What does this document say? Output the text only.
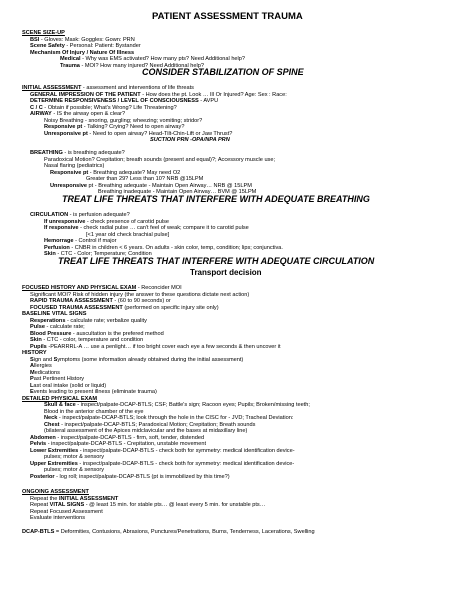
PATIENT ASSESSMENT TRAUMA
SCENE SIZE-UP
BSI - Gloves: Mask: Goggles: Gown: PRN
Scene Safety - Personal: Patient: Bystander
Mechanism Of Injury / Nature Of Illness
Medical - Why was EMS activated? How many pts? Need Additional help?
Trauma - MOI? How many injured? Need Additional help?
CONSIDER STABILIZATION OF SPINE
INITIAL ASSESSMENT - assessment and interventions of life threats
GENERAL IMPRESSION OF THE PATIENT - How does the pt. Look … Ill Or Injured? Age: Sex : Race:
DETERMINE RESPONSIVENESS / LEVEL OF CONSCIOUSNESS - AVPU
C / C - Obtain if possible; What's Wrong? Life Threatening?
AIRWAY - IS the airway open & clear?
Noisy Breathing - snoring, gurgling; wheezing; vomiting; stridor?
Responsive pt - Talking? Crying? Need to open airway?
Unresponsive pt - Need to open airway? Head-Tilt-Chin-Lift or Jaw Thrust?
SUCTION PRN -OPA/NPA PRN
BREATHING - is breathing adequate?
Paradoxical Motion? Crepitation; breath sounds (present and equal)?; Accessory muscle use;
Nasal flaring (pediatrics)
Responsive pt - Breathing adequate? May need O2
Greater than 29? Less than 10? NRB @15LPM
Unresponsive pt - Breathing adequate - Maintain Open Airway… NRB @ 15LPM
Breathing inadequate - Maintain Open Airway… BVM @ 15LPM
TREAT LIFE THREATS THAT INTERFERE WITH ADEQUATE BREATHING
CIRCULATION - is perfusion adequate?
If unresponsive - check presence of carotid pulse
If responsive - check radial pulse … can't feel of weak; compare it to carotid pulse
[<1 year old check brachial pulse]
Hemorrage - Control if major
Perfusion - CNBR in children < 6 years. On adults - skin color, temp, condition; lips; conjunctiva.
Skin - CTC - Color; Temperature; Condition
TREAT LIFE THREATS THAT INTERFERE WITH ADEQUATE CIRCULATION
Transport decision
FOCUSED HISTORY AND PHYSICAL EXAM - Reconcider MOI
Significant MOI? Risk of hidden injury (the answer to these questions dictate next action)
RAPID TRAUMA ASSESSMENT - (60 to 90 seconds) or
FOCUSED TRAUMA ASSESSMENT (performed on specific injury site only)
BASELINE VITAL SIGNS
Resperations - calculate rate; verbalize quality
Pulse - calculate rate;
Blood Pressure - auscultation is the prefered method
Skin - CTC - color, temperature and condition
Pupils -PEARRRL-A … use a penlight… if too bright cover each eye a few seconds & then uncover it
HISTORY
Sign and Symptoms (some information already obtained during the initial assessment)
Allergies
Medications
Past Pertinent History
Last oral intake (solid or liquid)
Events leading to present illness (eliminate trauma)
DETAILED PHYSICAL EXAM
Skull & face - inspect/palpate-DCAP-BTLS; CSF; Battle's sign; Racoon eyes; Pupils; Broken/missing teeth;
Blood in the anterior chamber of the eye
Neck - inspect/palpate-DCAP-BTLS; look through the hole in the CISC for - JVD; Tracheal Deviation:
Chest - inspect/palpate-DCAP-BTLS; Paradoxical Motion; Crepitation; Breath sounds
(bilateral assessment of the Apices midclavicular and the bases at midaxillary line)
Abdomen - inspect/palpate-DCAP-BTLS - firm, soft, tender, distended
Pelvis - inspect/palpate-DCAP-BTLS - Crepitation, unstable movement
Lower Extremities - inspect/palpate-DCAP-BTLS - check both for symmetry: medical identification device-
pulses; motor & sensory
Upper Extremities - inspect/palpate-DCAP-BTLS - check both for symmetry: medical identification device-
pulses; motor & sensory
Posterior - log roll; inspect/palpate-DCAP-BTLS (pt is immobilized by this time?)
ONGOING ASSESSMENT
Repeat the INITIAL ASSESSMENT
Repeat VITAL SIGNS - @ least 15 min. for stable pts… @ least every 5 min. for unstable pts…
Repeat Focused Assessment
Evaluate interventions
DCAP-BTLS = Deformities, Contusions, Abrasions, Punctures/Penetrations, Burns, Tenderness, Lacerations, Swelling
